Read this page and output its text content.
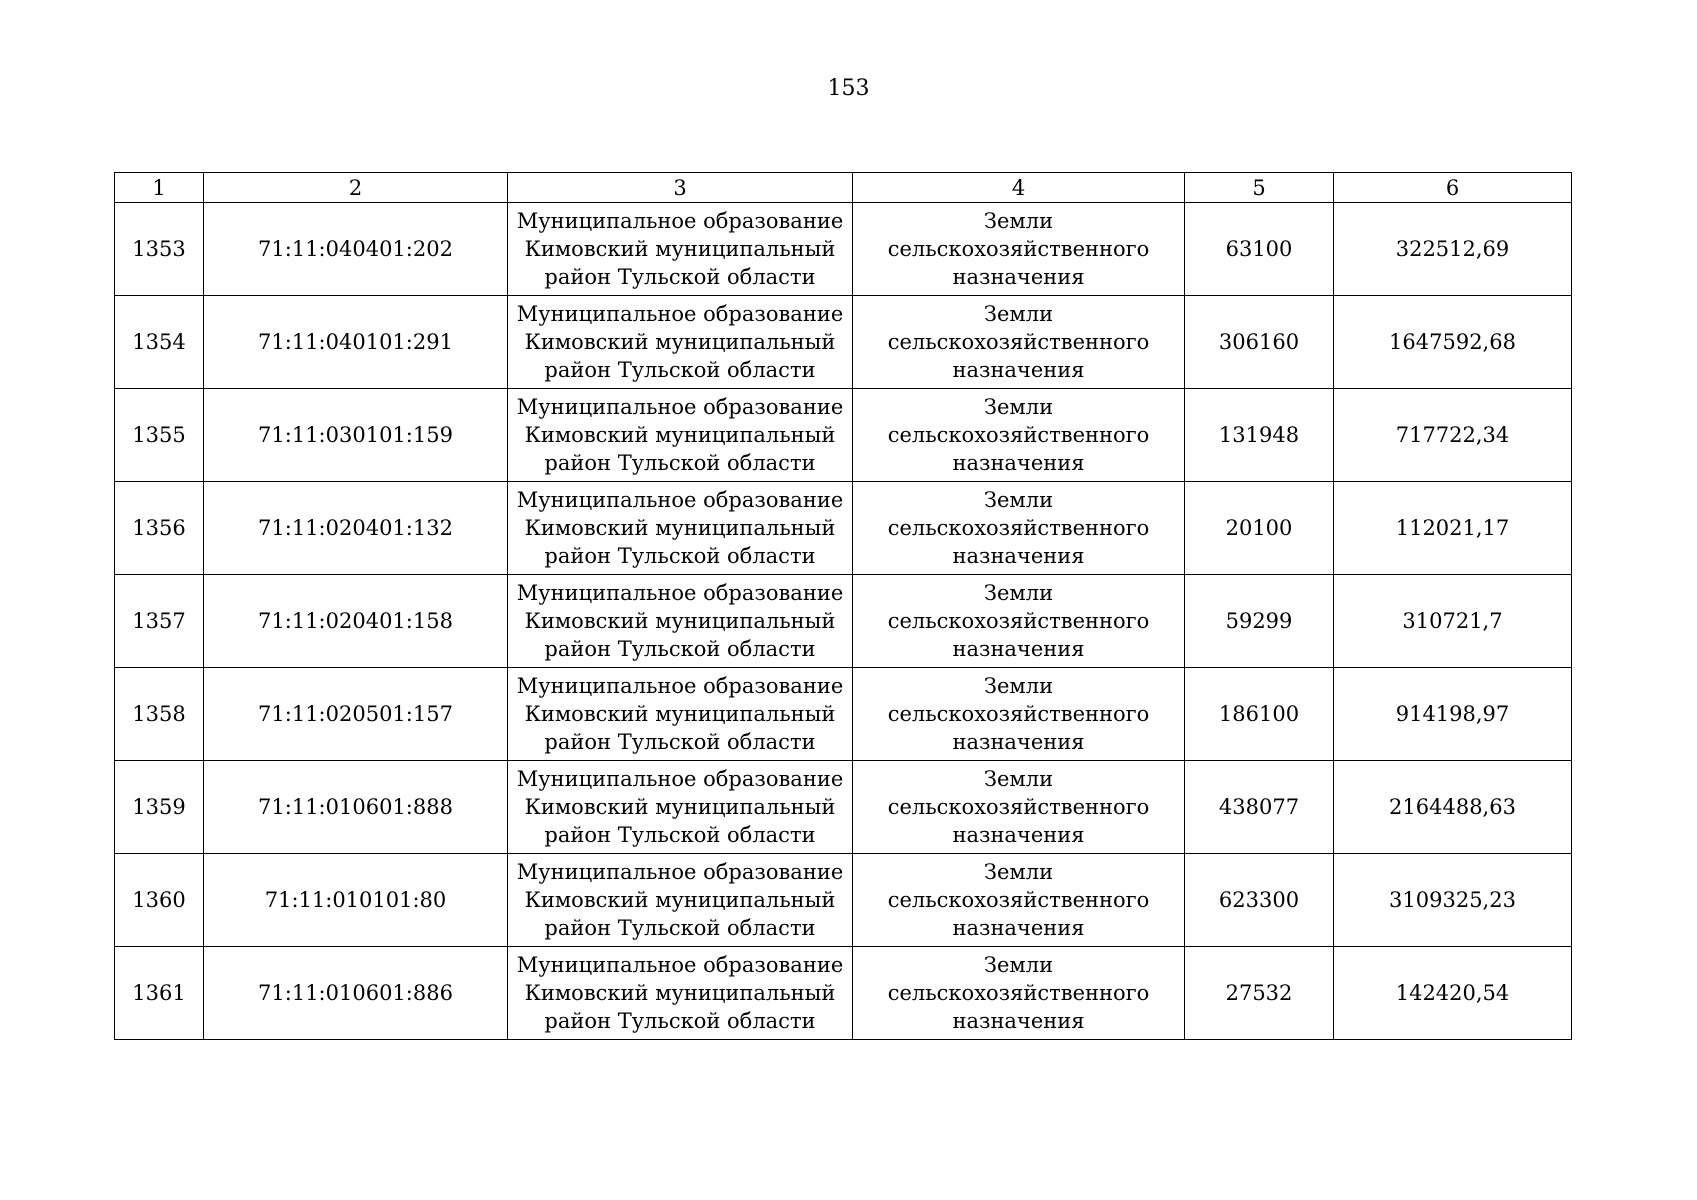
153
1	2	3	4	5	6
1353	71:11:040401:202	Муниципальное образование
Кимовский муниципальный
район Тульской области	Земли
сельскохозяйственного
назначения	63100	322512,69
1354	71:11:040101:291	Муниципальное образование
Кимовский муниципальный
район Тульской области	Земли
сельскохозяйственного
назначения	306160	1647592,68
1355	71:11:030101:159	Муниципальное образование
Кимовский муниципальный
район Тульской области	Земли
сельскохозяйственного
назначения	131948	717722,34
1356	71:11:020401:132	Муниципальное образование
Кимовский муниципальный
район Тульской области	Земли
сельскохозяйственного
назначения	20100	112021,17
1357	71:11:020401:158	Муниципальное образование
Кимовский муниципальный
район Тульской области	Земли
сельскохозяйственного
назначения	59299	310721,7
1358	71:11:020501:157	Муниципальное образование
Кимовский муниципальный
район Тульской области	Земли
сельскохозяйственного
назначения	186100	914198,97
1359	71:11:010601:888	Муниципальное образование
Кимовский муниципальный
район Тульской области	Земли
сельскохозяйственного
назначения	438077	2164488,63
1360	71:11:010101:80	Муниципальное образование
Кимовский муниципальный
район Тульской области	Земли
сельскохозяйственного
назначения	623300	3109325,23
1361	71:11:010601:886	Муниципальное образование
Кимовский муниципальный
район Тульской области	Земли
сельскохозяйственного
назначения	27532	142420,54
